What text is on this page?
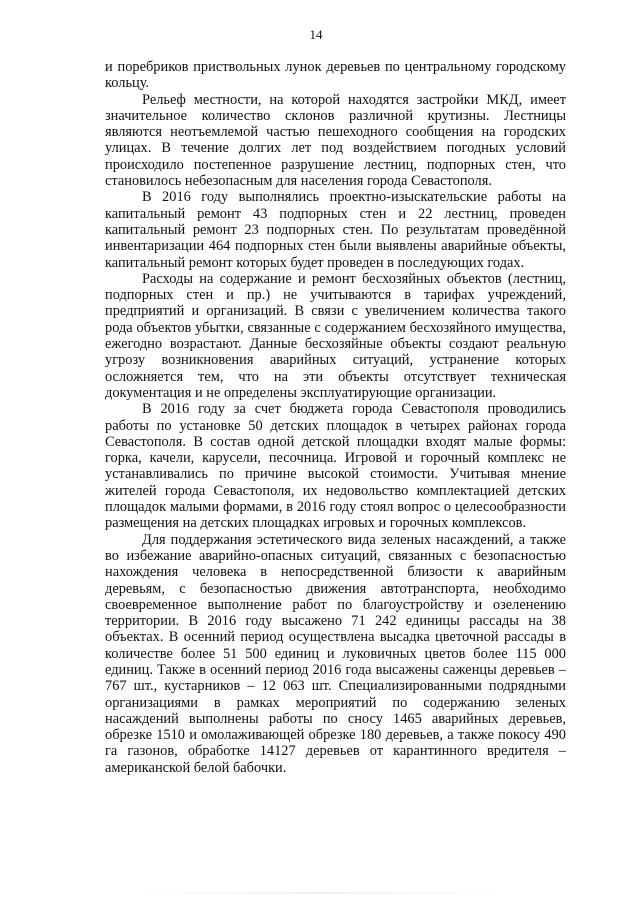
14

и поребриков приствольных лунок деревьев по центральному городскому кольцу.

Рельеф местности, на которой находятся застройки МКД, имеет значительное количество склонов различной крутизны. Лестницы являются неотъемлемой частью пешеходного сообщения на городских улицах. В течение долгих лет под воздействием погодных условий происходило постепенное разрушение лестниц, подпорных стен, что становилось небезопасным для населения города Севастополя.

В 2016 году выполнялись проектно-изыскательские работы на капитальный ремонт 43 подпорных стен и 22 лестниц, проведен капитальный ремонт 23 подпорных стен. По результатам проведённой инвентаризации 464 подпорных стен были выявлены аварийные объекты, капитальный ремонт которых будет проведен в последующих годах.

Расходы на содержание и ремонт бесхозяйных объектов (лестниц, подпорных стен и пр.) не учитываются в тарифах учреждений, предприятий и организаций. В связи с увеличением количества такого рода объектов убытки, связанные с содержанием бесхозяйного имущества, ежегодно возрастают. Данные бесхозяйные объекты создают реальную угрозу возникновения аварийных ситуаций, устранение которых осложняется тем, что на эти объекты отсутствует техническая документация и не определены эксплуатирующие организации.

В 2016 году за счет бюджета города Севастополя проводились работы по установке 50 детских площадок в четырех районах города Севастополя. В состав одной детской площадки входят малые формы: горка, качели, карусели, песочница. Игровой и горочный комплекс не устанавливались по причине высокой стоимости. Учитывая мнение жителей города Севастополя, их недовольство комплектацией детских площадок малыми формами, в 2016 году стоял вопрос о целесообразности размещения на детских площадках игровых и горочных комплексов.

Для поддержания эстетического вида зеленых насаждений, а также во избежание аварийно-опасных ситуаций, связанных с безопасностью нахождения человека в непосредственной близости к аварийным деревьям, с безопасностью движения автотранспорта, необходимо своевременное выполнение работ по благоустройству и озеленению территории. В 2016 году высажено 71 242 единицы рассады на 38 объектах. В осенний период осуществлена высадка цветочной рассады в количестве более 51 500 единиц и луковичных цветов более 115 000 единиц. Также в осенний период 2016 года высажены саженцы деревьев – 767 шт., кустарников – 12 063 шт. Специализированными подрядными организациями в рамках мероприятий по содержанию зеленых насаждений выполнены работы по сносу 1465 аварийных деревьев, обрезке 1510 и омолаживающей обрезке 180 деревьев, а также покосу 490 га газонов, обработке 14127 деревьев от карантинного вредителя – американской белой бабочки.
